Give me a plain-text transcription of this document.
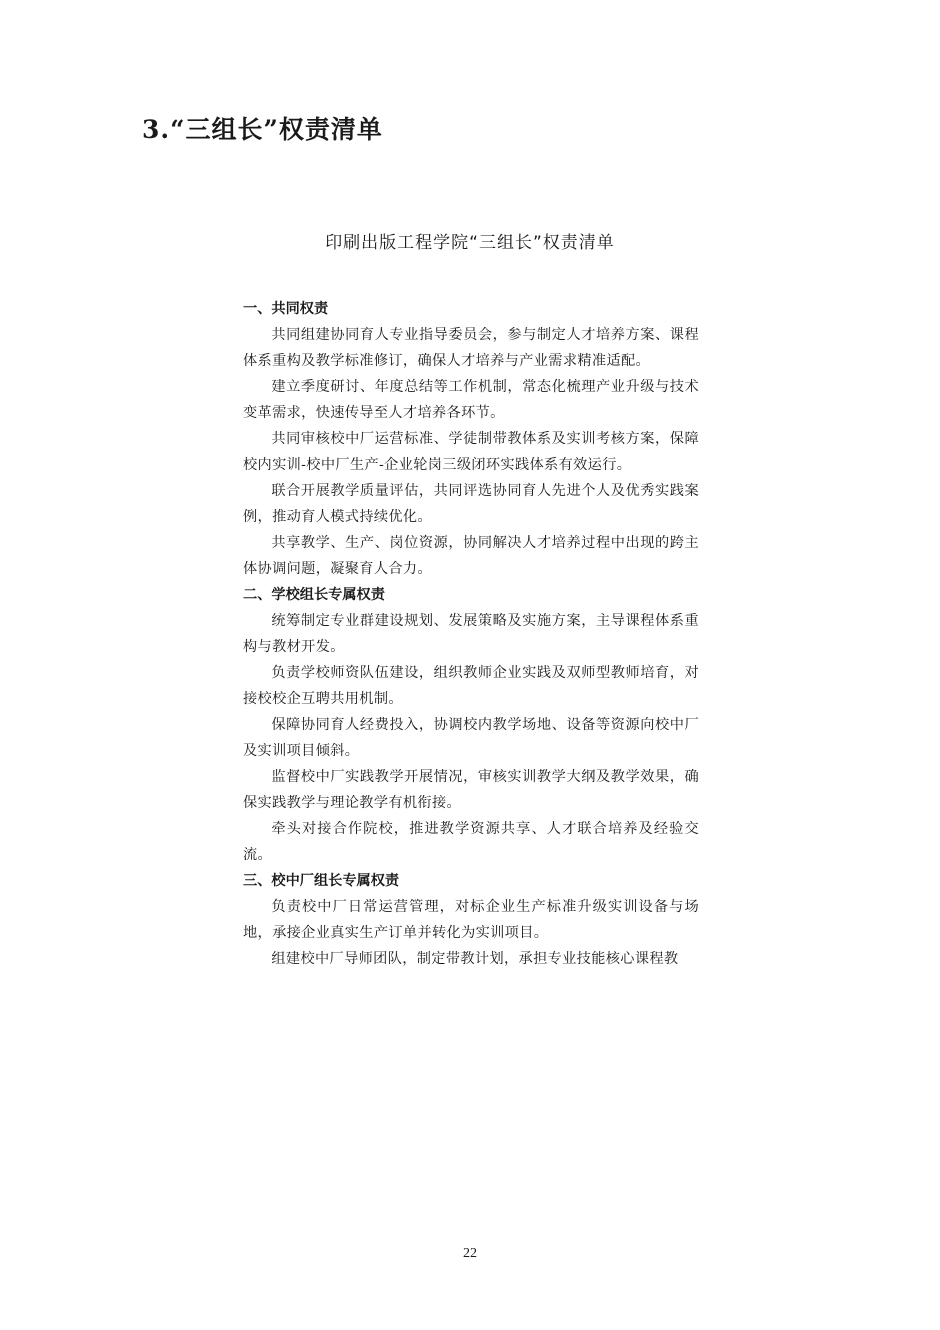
3.“三组长”权责清单
印刷出版工程学院“三组长”权责清单

一、共同权责

共同组建协同育人专业指导委员会，参与制定人才培养方案、课程体系重构及教学标准修订，确保人才培养与产业需求精准适配。

建立季度研讨、年度总结等工作机制，常态化梳理产业升级与技术变革需求，快速传导至人才培养各环节。

共同审核校中厂运营标准、学徒制带教体系及实训考核方案，保障校内实训-校中厂生产-企业轮岗三级闭环实践体系有效运行。

联合开展教学质量评估，共同评选协同育人先进个人及优秀实践案例，推动育人模式持续优化。

共享教学、生产、岗位资源，协同解决人才培养过程中出现的跨主体协调问题，凝聚育人合力。

二、学校组长专属权责

统筹制定专业群建设规划、发展策略及实施方案，主导课程体系重构与教材开发。

负责学校师资队伍建设，组织教师企业实践及双师型教师培育，对接校校企互聘共用机制。

保障协同育人经费投入，协调校内教学场地、设备等资源向校中厂及实训项目倾斜。

监督校中厂实践教学开展情况，审核实训教学大纲及教学效果，确保实践教学与理论教学有机衔接。

牵头对接合作院校，推进教学资源共享、人才联合培养及经验交流。

三、校中厂组长专属权责

负责校中厂日常运营管理，对标企业生产标准升级实训设备与场地，承接企业真实生产订单并转化为实训项目。

组建校中厂导师团队，制定带教计划，承担专业技能核心课程教

22
